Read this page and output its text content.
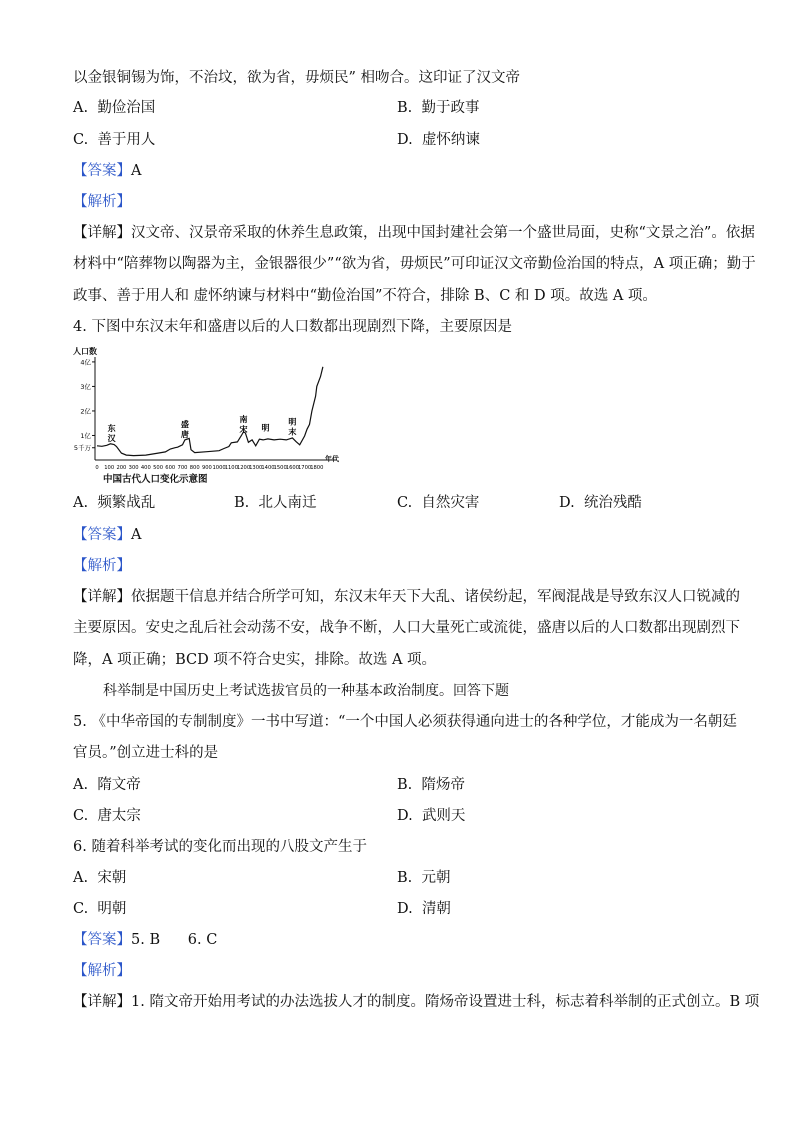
以金银铜锡为饰，不治坟，欲为省，毋烦民” 相吻合。这印证了汉文帝
A. 勤俭治国	B. 勤于政事
C. 善于用人	D. 虚怀纳谏
【答案】A
【解析】
【详解】汉文帝、汉景帝采取的休养生息政策，出现中国封建社会第一个盛世局面，史称“文景之治”。依据
材料中“陪葬物以陶器为主，金银器很少”“欲为省，毋烦民”可印证汉文帝勤俭治国的特点，A 项正确；勤于
政事、善于用人和 虚怀纳谏与材料中“勤俭治国”不符合，排除 B、C 和 D 项。故选 A 项。
4. 下图中东汉末年和盛唐以后的人口数都出现剧烈下降，主要原因是
人口数
年代
中国古代人口变化示意图
5千万
1亿
2亿
3亿
4亿
0 100 200 300 400 500 600 700 800 900 1000 1100 1200 1300 1400 1500 1600 1700 1800
东
汉
盛
唐
南
宋 明
明
末
A. 频繁战乱	B. 北人南迁	C. 自然灾害	D. 统治残酷
【答案】A
【解析】
【详解】依据题干信息并结合所学可知，东汉末年天下大乱、诸侯纷起，军阀混战是导致东汉人口锐减的
主要原因。安史之乱后社会动荡不安，战争不断，人口大量死亡或流徙，盛唐以后的人口数都出现剧烈下
降，A 项正确；BCD 项不符合史实，排除。故选 A 项。
科举制是中国历史上考试选拔官员的一种基本政治制度。回答下题
5. 《中华帝国的专制制度》一书中写道：“一个中国人必须获得通向进士的各种学位，才能成为一名朝廷
官员。”创立进士科的是
A. 隋文帝	B. 隋炀帝
C. 唐太宗	D. 武则天
6. 随着科举考试的变化而出现的八股文产生于
A. 宋朝	B. 元朝
C. 明朝	D. 清朝
【答案】5. B      6. C
【解析】
【详解】1. 隋文帝开始用考试的办法选拔人才的制度。隋炀帝设置进士科，标志着科举制的正式创立。B 项
